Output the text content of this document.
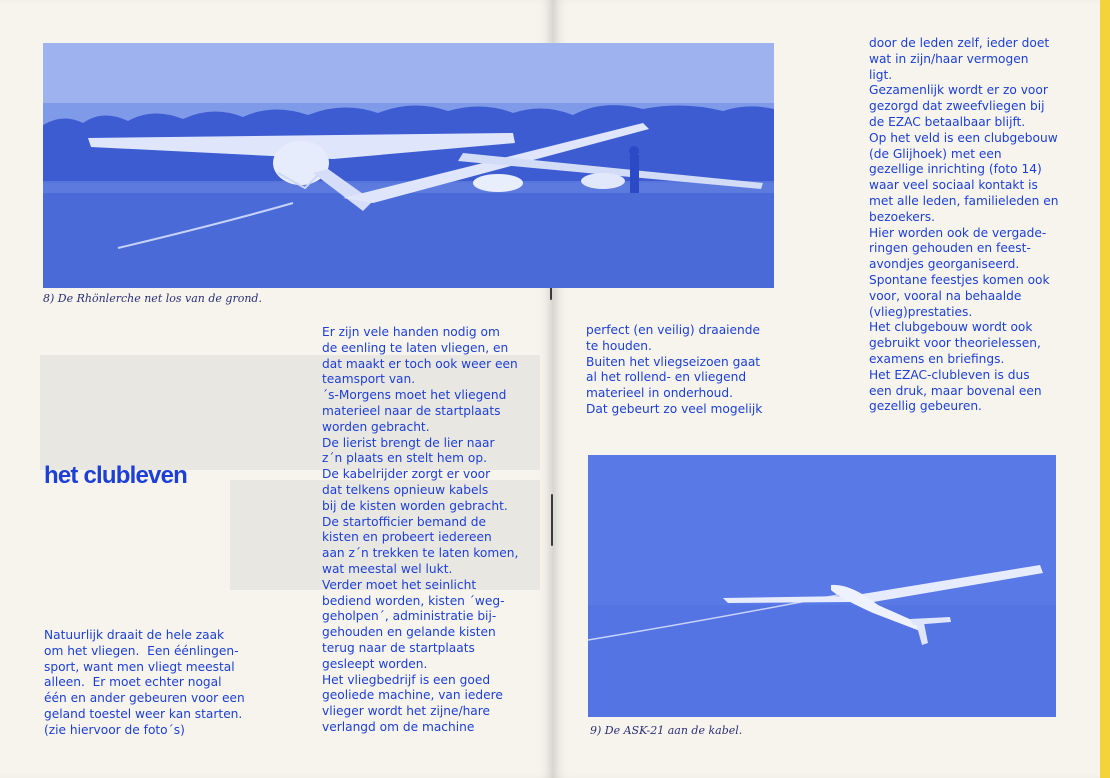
8) De Rhönlerche net los van de grond.
het clubleven

Natuurlijk draait de hele zaak
om het vliegen.  Een éénlingen-
sport, want men vliegt meestal
alleen.  Er moet echter nogal
één en ander gebeuren voor een
geland toestel weer kan starten.
(zie hiervoor de foto´s)

Er zijn vele handen nodig om
de eenling te laten vliegen, en
dat maakt er toch ook weer een
teamsport van.
´s-Morgens moet het vliegend
materieel naar de startplaats
worden gebracht.
De lierist brengt de lier naar
z´n plaats en stelt hem op.
De kabelrijder zorgt er voor
dat telkens opnieuw kabels
bij de kisten worden gebracht.
De startofficier bemand de
kisten en probeert iedereen
aan z´n trekken te laten komen,
wat meestal wel lukt.
Verder moet het seinlicht
bediend worden, kisten ´weg-
geholpen´, administratie bij-
gehouden en gelande kisten
terug naar de startplaats
gesleept worden.
Het vliegbedrijf is een goed
geoliede machine, van iedere
vlieger wordt het zijne/hare
verlangd om de machine

door de leden zelf, ieder doet
wat in zijn/haar vermogen
ligt.
Gezamenlijk wordt er zo voor
gezorgd dat zweefvliegen bij
de EZAC betaalbaar blijft.
Op het veld is een clubgebouw
(de Glijhoek) met een
gezellige inrichting (foto 14)
waar veel sociaal kontakt is
met alle leden, familieleden en
bezoekers.
Hier worden ook de vergade-
ringen gehouden en feest-
avondjes georganiseerd.
Spontane feestjes komen ook
voor, vooral na behaalde
(vlieg)prestaties.
Het clubgebouw wordt ook
gebruikt voor theorielessen,
examens en briefings.
Het EZAC-clubleven is dus
een druk, maar bovenal een
gezellig gebeuren.

perfect (en veilig) draaiende
te houden.
Buiten het vliegseizoen gaat
al het rollend- en vliegend
materieel in onderhoud.
Dat gebeurt zo veel mogelijk

9) De ASK-21 aan de kabel.
